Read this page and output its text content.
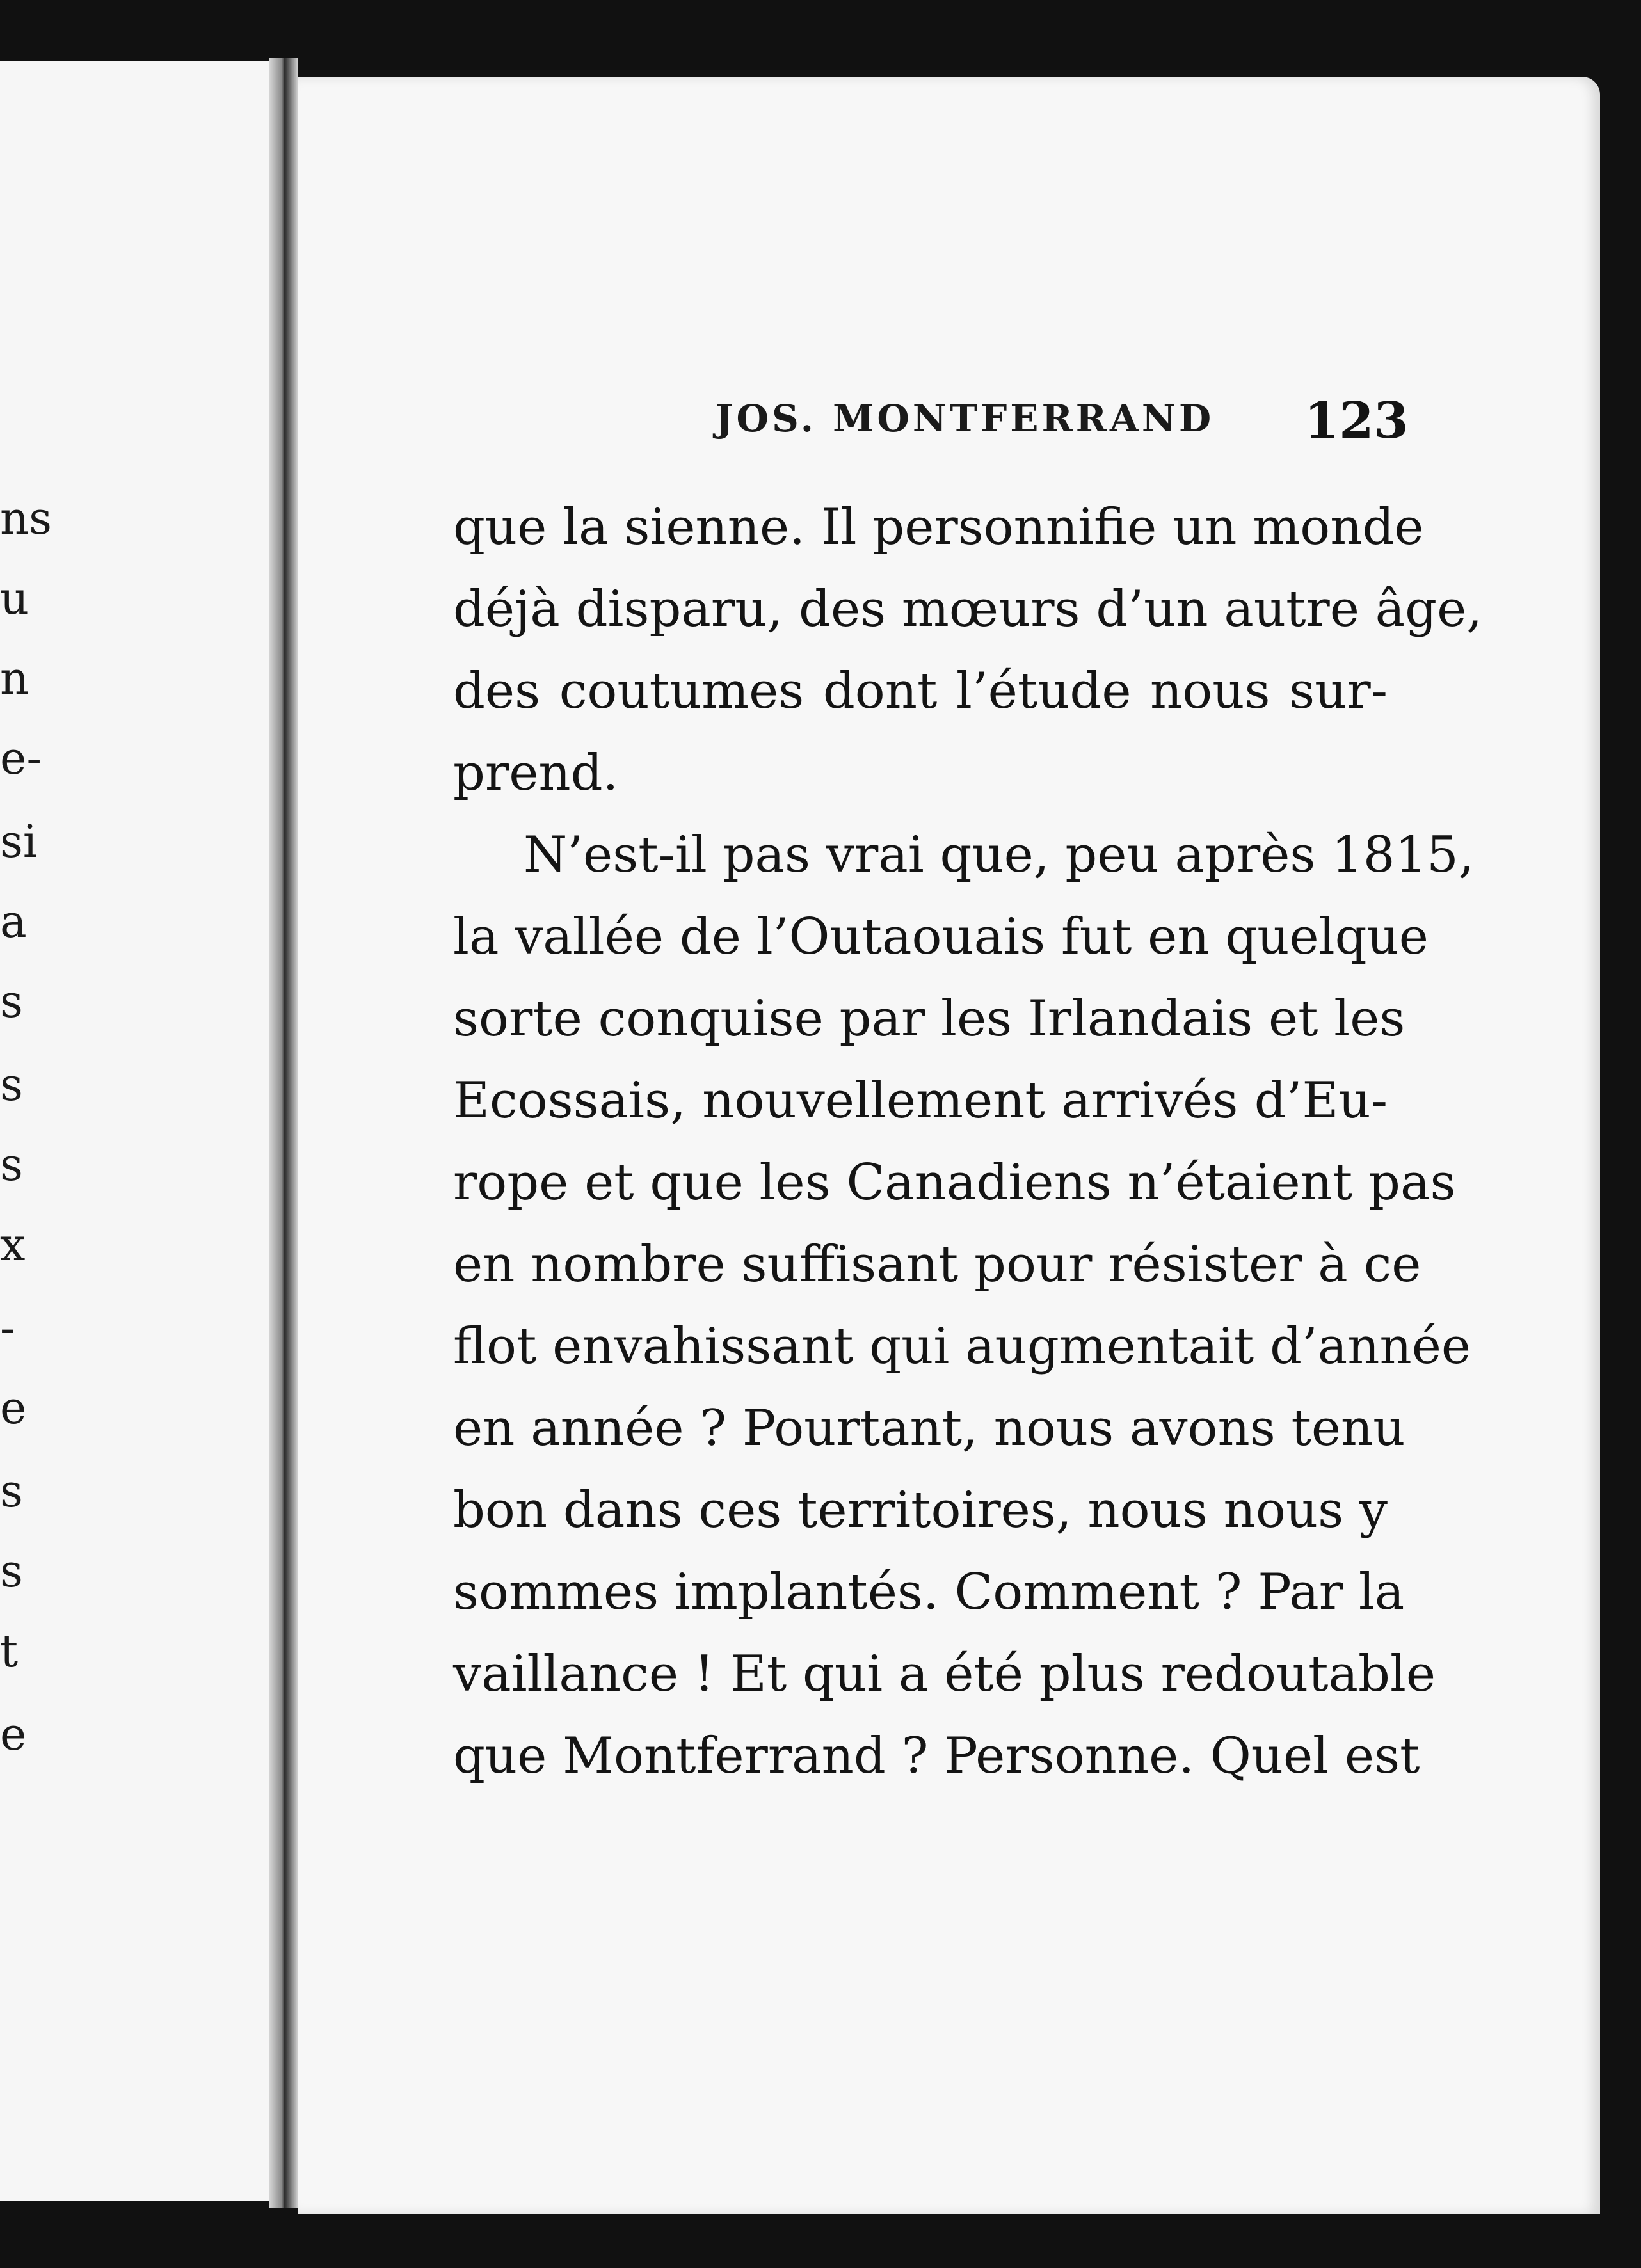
ns
u
n
e-
si
a
s
s
s
x
-
e
s
s
t
e
JOS. MONTFERRAND 123
que la sienne. Il personnifie un monde
déjà disparu, des mœurs d’un autre âge,
des coutumes dont l’étude nous sur-
prend.
N’est-il pas vrai que, peu après 1815,
la vallée de l’Outaouais fut en quelque
sorte conquise par les Irlandais et les
Ecossais, nouvellement arrivés d’Eu-
rope et que les Canadiens n’étaient pas
en nombre suffisant pour résister à ce
flot envahissant qui augmentait d’année
en année ? Pourtant, nous avons tenu
bon dans ces territoires, nous nous y
sommes implantés. Comment ? Par la
vaillance ! Et qui a été plus redoutable
que Montferrand ? Personne. Quel est
